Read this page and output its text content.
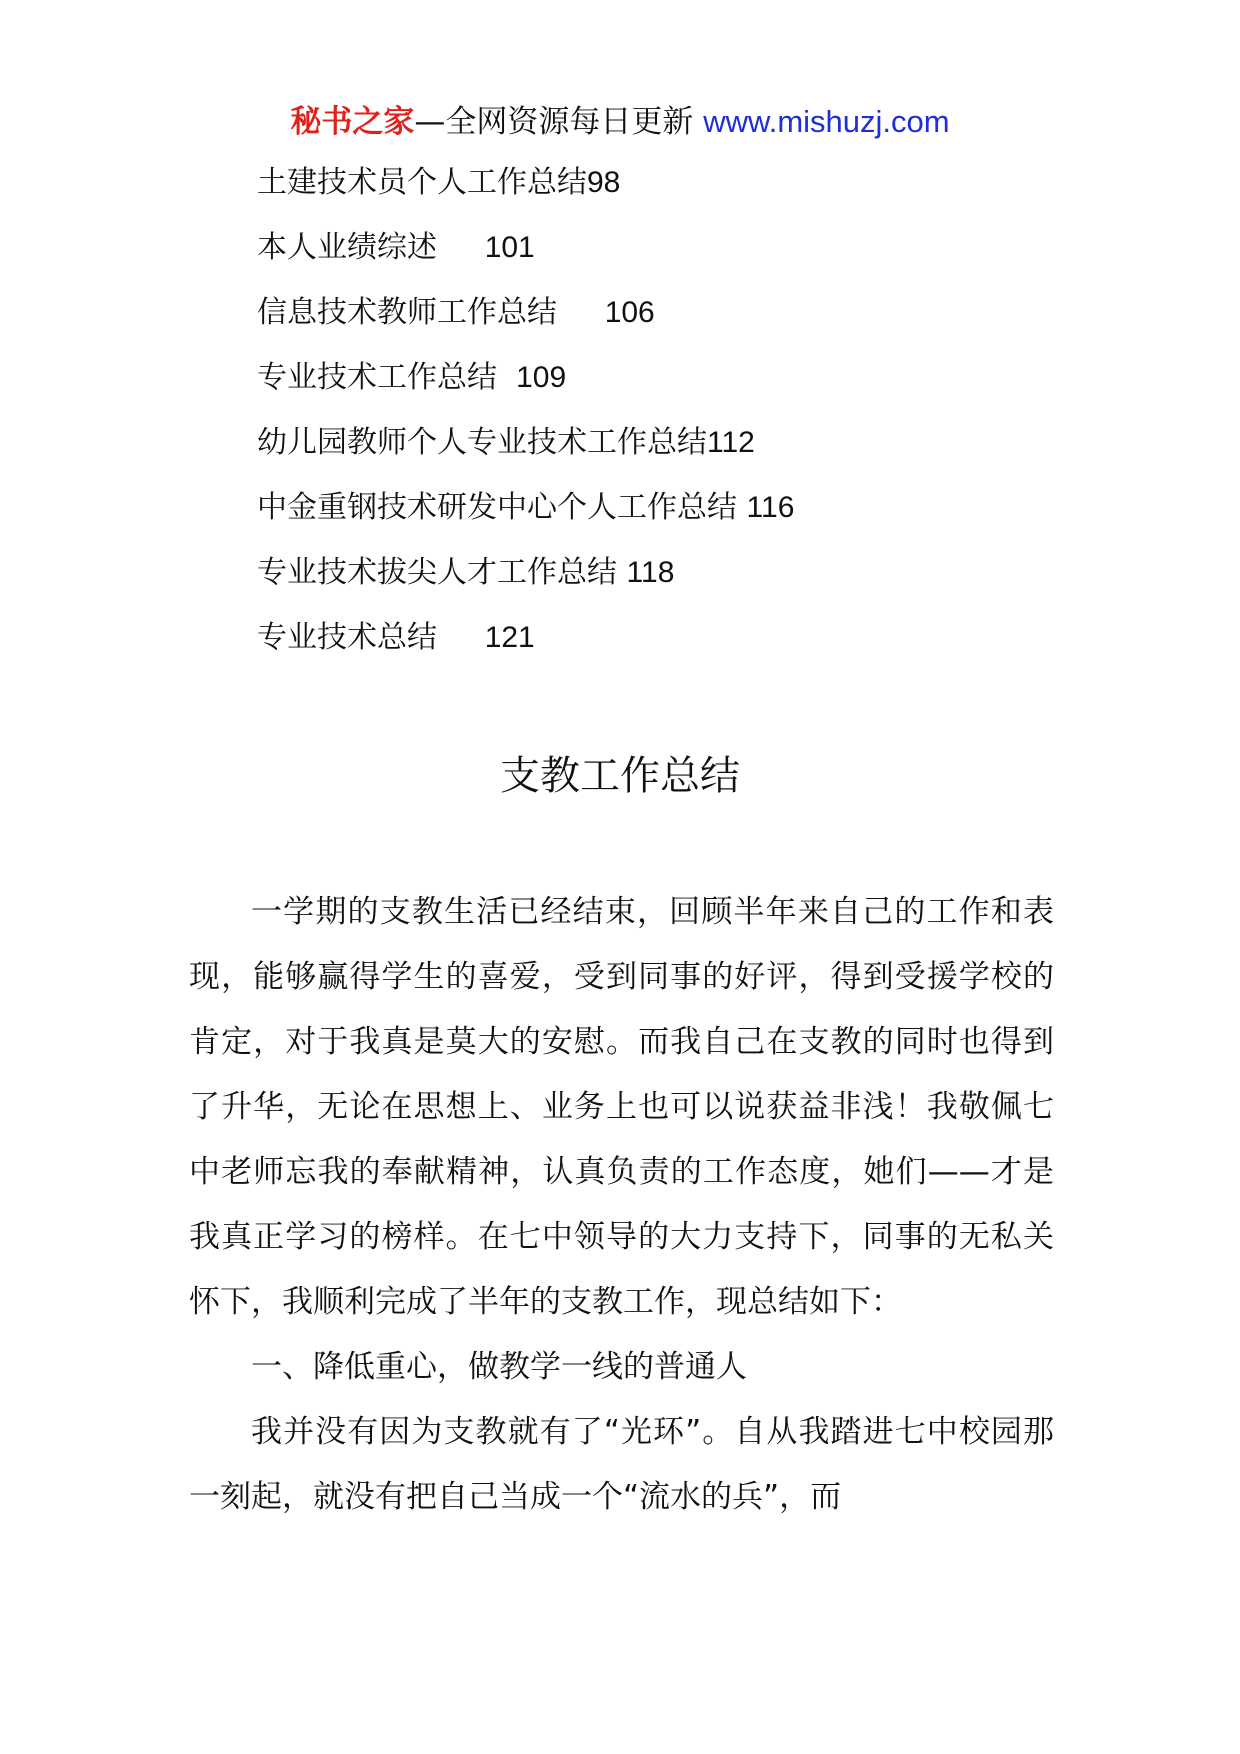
秘书之家—全网资源每日更新 www.mishuzj.com
土建技术员个人工作总结98
本人业绩综述 101
信息技术教师工作总结 106
专业技术工作总结 109
幼儿园教师个人专业技术工作总结112
中金重钢技术研发中心个人工作总结 116
专业技术拔尖人才工作总结 118
专业技术总结 121
支教工作总结

一学期的支教生活已经结束，回顾半年来自己的工作和表现，能够赢得学生的喜爱，受到同事的好评，得到受援学校的肯定，对于我真是莫大的安慰。而我自己在支教的同时也得到了升华，无论在思想上、业务上也可以说获益非浅！我敬佩七中老师忘我的奉献精神，认真负责的工作态度，她们——才是我真正学习的榜样。在七中领导的大力支持下，同事的无私关怀下，我顺利完成了半年的支教工作，现总结如下：

一、降低重心，做教学一线的普通人

我并没有因为支教就有了“光环”。自从我踏进七中校园那一刻起，就没有把自己当成一个“流水的兵”，而
